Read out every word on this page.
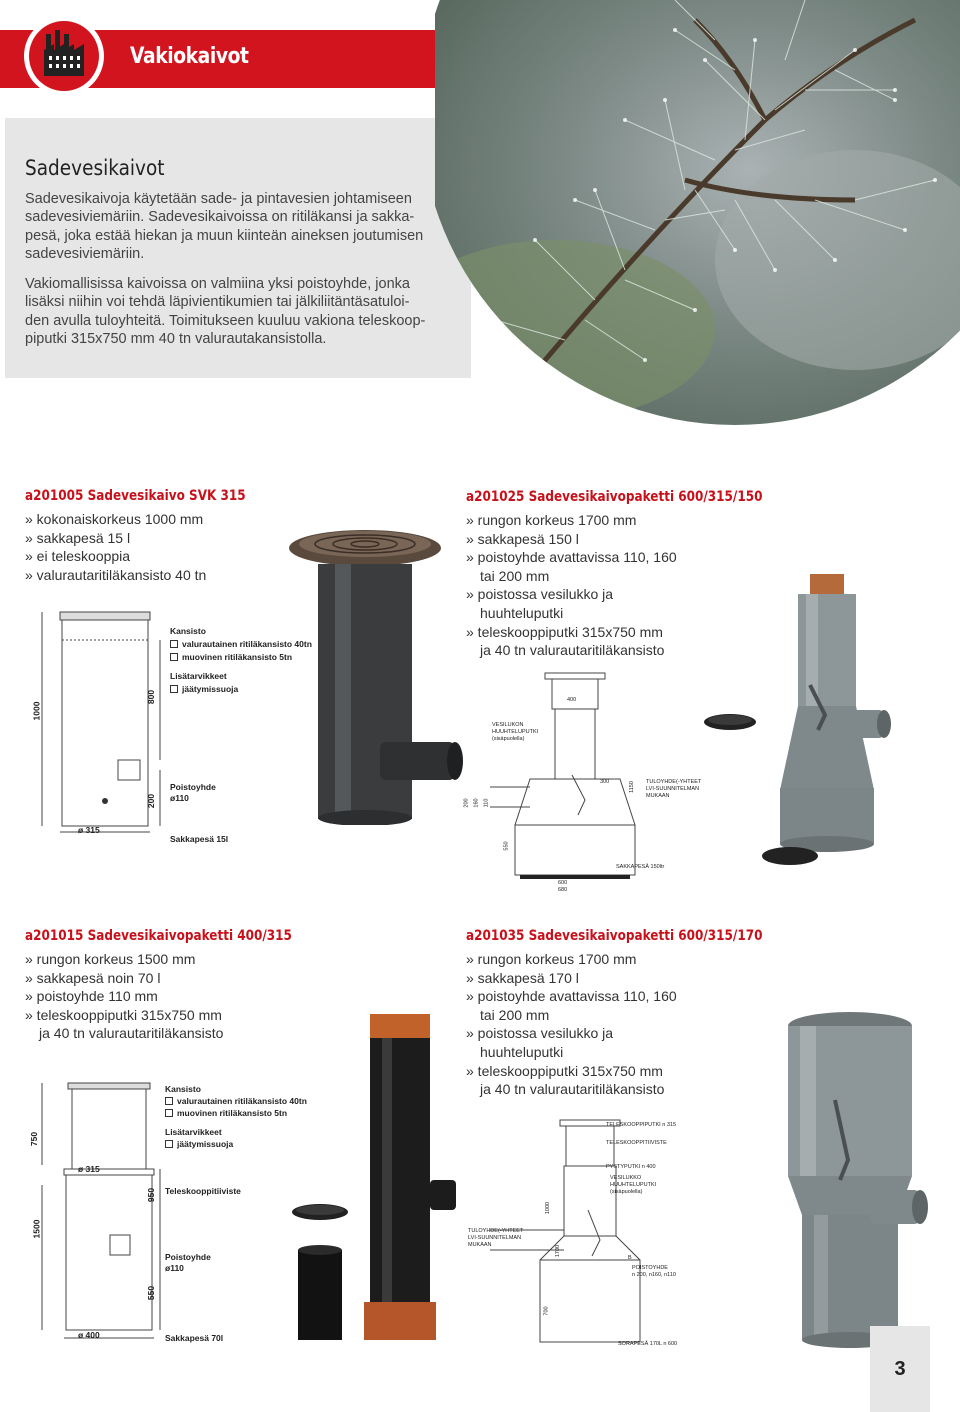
Vakiokaivot
Sadevesikaivot
Sadevesikaivoja käytetään sade- ja pintavesien johtamiseen
sadevesiviemäriin. Sadevesikaivoissa on ritiläkansi ja sakka-
pesä, joka estää hiekan ja muun kiinteän aineksen joutumisen
sadevesiviemäriin.
Vakiomallisissa kaivoissa on valmiina yksi poistoyhde, jonka
lisäksi niihin voi tehdä läpivientikumien tai jälkiliitäntäsatuloi-
den avulla tuloyhteitä. Toimitukseen kuuluu vakiona teleskoop-
piputki 315x750 mm 40 tn valurautakansistolla.
a201005 Sadevesikaivo SVK 315
» kokonaiskorkeus 1000 mm
» sakkapesä 15 l
» ei teleskooppia
» valurautaritiläkansisto 40 tn
1000
800
200
Kansisto
valurautainen ritiläkansisto 40tn
muovinen ritiläkansisto 5tn
Lisätarvikkeet
jäätymissuoja
Poistoyhde
ø110
ø 315
Sakkapesä 15l
a201025 Sadevesikaivopaketti 600/315/150
» rungon korkeus 1700 mm
» sakkapesä 150 l
» poistoyhde avattavissa 110, 160
tai 200 mm
» poistossa vesilukko ja
huuhteluputki
» teleskooppiputki 315x750 mm
ja 40 tn valurautaritiläkansisto
400
VESILUKON
HUUHTELUPUTKI
(sisäpuolella)
300	1150 TULOYHDE(-YHTEET
LVI-SUUNNITELMAN
MUKAAN
200 160 110
550
SAKKAPESÄ 150ltr
600
680
a201015 Sadevesikaivopaketti 400/315
» rungon korkeus 1500 mm
» sakkapesä noin 70 l
» poistoyhde 110 mm
» teleskooppiputki 315x750 mm
ja 40 tn valurautaritiläkansisto
750
ø 315
950 Teleskooppitiiviste
1500
Poistoyhde
ø110
550
ø 400	Sakkapesä 70l
Kansisto
valurautainen ritiläkansisto 40tn
muovinen ritiläkansisto 5tn
Lisätarvikkeet
jäätymissuoja
a201035 Sadevesikaivopaketti 600/315/170
» rungon korkeus 1700 mm
» sakkapesä 170 l
» poistoyhde avattavissa 110, 160
tai 200 mm
» poistossa vesilukko ja
huuhteluputki
» teleskooppiputki 315x750 mm
ja 40 tn valurautaritiläkansisto
TELESKOOPPIPUTKI n 315
TELESKOOPPITIIVISTE
PYSTYPUTKI n 400
VESILUKKO
HUUHTELUPUTKI
(sisäpuolella)
1000
TULOYHDE(-YHTEET
LVI-SUUNNITELMAN
MUKAAN	1700
B
POISTOYHDE
n 200, n160, n110
700
SORAPESÄ 170L n 600
3
